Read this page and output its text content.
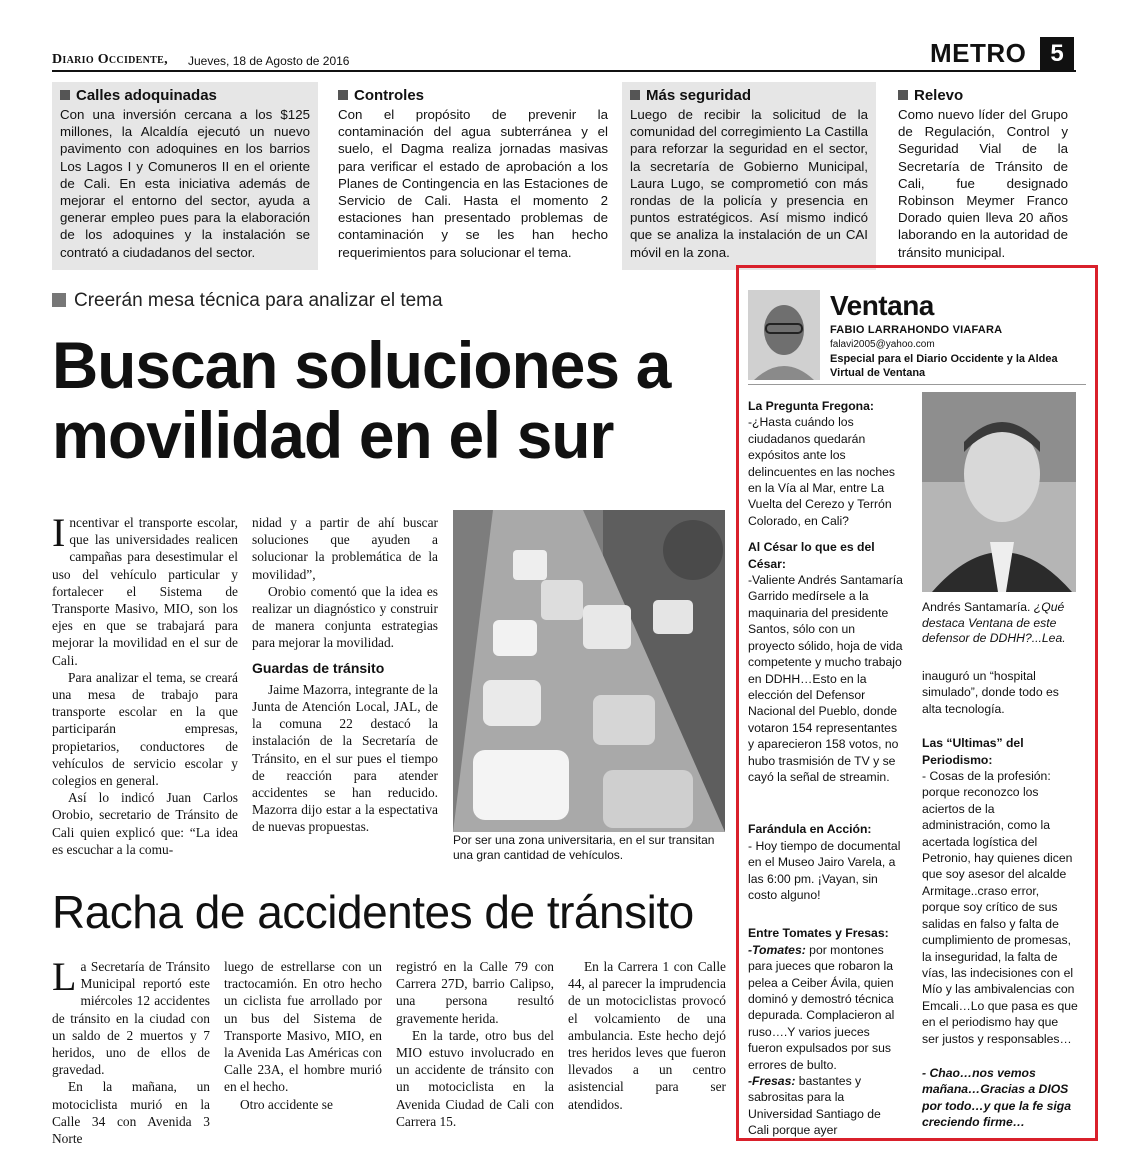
Diario Occidente, Jueves, 18 de Agosto de 2016	METRO 5
Calles adoquinadas
Con una inversión cercana a los $125 millones, la Alcaldía ejecutó un nuevo pavimento con adoquines en los barrios Los Lagos I y Comuneros II en el oriente de Cali. En esta iniciativa además de mejorar el entorno del sector, ayuda a generar empleo pues para la elaboración de los adoquines y la instalación se contrató a ciudadanos del sector.
Controles
Con el propósito de prevenir la contaminación del agua subterránea y el suelo, el Dagma realiza jornadas masivas para verificar el estado de aprobación a los Planes de Contingencia en las Estaciones de Servicio de Cali. Hasta el momento 2 estaciones han presentado problemas de contaminación y se les han hecho requerimientos para solucionar el tema.
Más seguridad
Luego de recibir la solicitud de la comunidad del corregimiento La Castilla para reforzar la seguridad en el sector, la secretaría de Gobierno Municipal, Laura Lugo, se comprometió con más rondas de la policía y presencia en puntos estratégicos. Así mismo indicó que se analiza la instalación de un CAI móvil en la zona.
Relevo
Como nuevo líder del Grupo de Regulación, Control y Seguridad Vial de la Secretaría de Tránsito de Cali, fue designado Robinson Meymer Franco Dorado quien lleva 20 años laborando en la autoridad de tránsito municipal.
Creerán mesa técnica para analizar el tema
Buscan soluciones a movilidad en el sur

Incentivar el transporte escolar, que las universidades realicen campañas para desestimular el uso del vehículo particular y fortalecer el Sistema de Transporte Masivo, MIO, son los ejes en que se trabajará para mejorar la movilidad en el sur de Cali.

Para analizar el tema, se creará una mesa de trabajo para transporte escolar en la que participarán empresas, propietarios, conductores de vehículos de servicio escolar y colegios en general.

Así lo indicó Juan Carlos Orobio, secretario de Tránsito de Cali quien explicó que: “La idea es escuchar a la comu-

nidad y a partir de ahí buscar soluciones que ayuden a solucionar la problemática de la movilidad”,

Orobio comentó que la idea es realizar un diagnóstico y construir de manera conjunta estrategias para mejorar la movilidad.

Guardas de tránsito

Jaime Mazorra, integrante de la Junta de Atención Local, JAL, de la comuna 22 destacó la instalación de la Secretaría de Tránsito, en el sur pues el tiempo de reacción para atender accidentes se han reducido. Mazorra dijo estar a la espectativa de nuevas propuestas.

Por ser una zona universitaria, en el sur transitan una gran cantidad de vehículos.
Racha de accidentes de tránsito

La Secretaría de Tránsito Municipal reportó este miércoles 12 accidentes de tránsito en la ciudad con un saldo de 2 muertos y 7 heridos, uno de ellos de gravedad.

En la mañana, un motociclista murió en la Calle 34 con Avenida 3 Norte

luego de estrellarse con un tractocamión. En otro hecho un ciclista fue arrollado por un bus del Sistema de Transporte Masivo, MIO, en la Avenida Las Américas con Calle 23A, el hombre murió en el hecho.

Otro accidente se

registró en la Calle 79 con Carrera 27D, barrio Calipso, una persona resultó gravemente herida.

En la tarde, otro bus del MIO estuvo involucrado en un accidente de tránsito con un motociclista en la Avenida Ciudad de Cali con Carrera 15.

En la Carrera 1 con Calle 44, al parecer la imprudencia de un motociclistas provocó el volcamiento de una ambulancia. Este hecho dejó tres heridos leves que fueron llevados a un centro asistencial para ser atendidos.

Ventana
FABIO LARRAHONDO VIAFARA
falavi2005@yahoo.com
Especial para el Diario Occidente y la Aldea Virtual de Ventana
La Pregunta Fregona:
-¿Hasta cuándo los ciudadanos quedarán expósitos ante los delincuentes en las noches en la Vía al Mar, entre La Vuelta del Cerezo y Terrón Colorado, en Cali?
Al César lo que es del César:
-Valiente Andrés Santamaría Garrido medírsele a la maquinaria del presidente Santos, sólo con un proyecto sólido, hoja de vida competente y mucho trabajo en DDHH…Esto en la elección del Defensor Nacional del Pueblo, donde votaron 154 representantes y aparecieron 158 votos, no hubo trasmisión de TV y se cayó la señal de streamin.
Farándula en Acción:
- Hoy tiempo de documental en el Museo Jairo Varela, a las 6:00 pm. ¡Vayan, sin costo alguno!
Entre Tomates y Fresas:
-Tomates: por montones para jueces que robaron la pelea a Ceiber Ávila, quien dominó y demostró técnica depurada. Complacieron al ruso….Y varios jueces fueron expulsados por sus errores de bulto.
-Fresas: bastantes y sabrositas para la Universidad Santiago de Cali porque ayer
Andrés Santamaría. ¿Qué destaca Ventana de este defensor de DDHH?...Lea.
inauguró un “hospital simulado”, donde todo es alta tecnología.
Las “Ultimas” del Periodismo:
- Cosas de la profesión: porque reconozco los aciertos de la administración, como la acertada logística del Petronio, hay quienes dicen que soy asesor del alcalde Armitage..craso error, porque soy crítico de sus salidas en falso y falta de cumplimiento de promesas, la inseguridad, la falta de vías, las indecisiones con el Mío y las ambivalencias con Emcali…Lo que pasa es que en el periodismo hay que ser justos y responsables…
- Chao…nos vemos mañana…Gracias a DIOS por todo…y que la fe siga creciendo firme…
